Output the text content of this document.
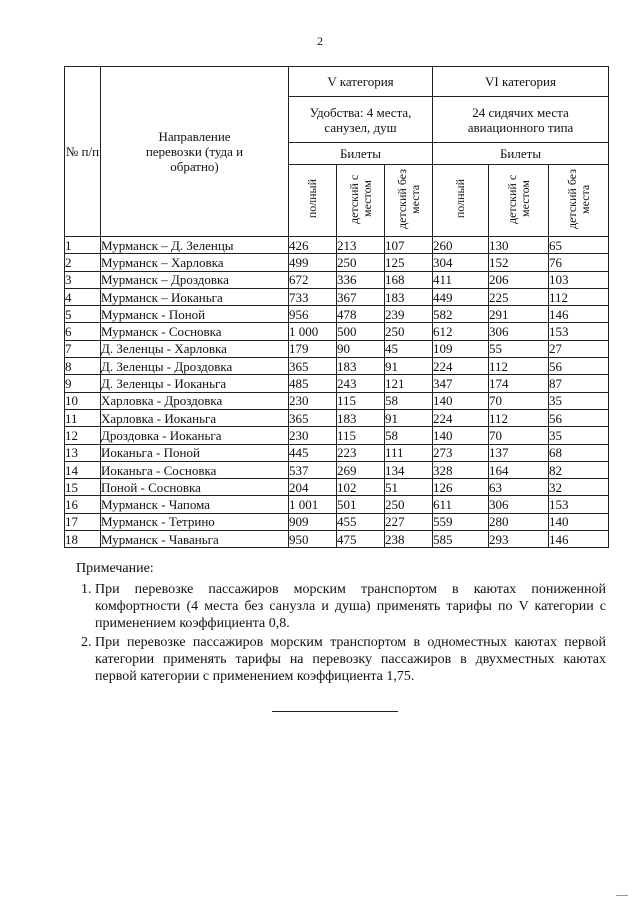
2
№ п/п	Направление перевозки (туда и обратно)	V категория			VI категория		

		Удобства: 4 места, санузел, душ			24 сидячих места авиационного типа		

		Билеты			Билеты		
		полный	детский с местом	детский без места	полный	детский с местом	детский без места
1	Мурманск – Д. Зеленцы	426	213	107	260	130	65
2	Мурманск – Харловка	499	250	125	304	152	76
3	Мурманск – Дроздовка	672	336	168	411	206	103
4	Мурманск – Иоканьга	733	367	183	449	225	112
5	Мурманск - Поной	956	478	239	582	291	146
6	Мурманск - Сосновка	1 000	500	250	612	306	153
7	Д. Зеленцы - Харловка	179	90	45	109	55	27
8	Д. Зеленцы - Дроздовка	365	183	91	224	112	56
9	Д. Зеленцы - Иоканьга	485	243	121	347	174	87
10	Харловка - Дроздовка	230	115	58	140	70	35
11	Харловка - Иоканьга	365	183	91	224	112	56
12	Дроздовка - Иоканьга	230	115	58	140	70	35
13	Иоканьга - Поной	445	223	111	273	137	68
14	Иоканьга - Сосновка	537	269	134	328	164	82
15	Поной - Сосновка	204	102	51	126	63	32
16	Мурманск - Чапома	1 001	501	250	611	306	153
17	Мурманск - Тетрино	909	455	227	559	280	140
18	Мурманск - Чаваньга	950	475	238	585	293	146
Примечание:
1. При перевозке пассажиров морским транспортом в каютах пониженной комфортности (4 места без санузла и душа) применять тарифы по V категории с применением коэффициента 0,8.
2. При перевозке пассажиров морским транспортом в одноместных каютах первой категории применять тарифы на перевозку пассажиров в двухместных каютах первой категории с применением коэффициента 1,75.
